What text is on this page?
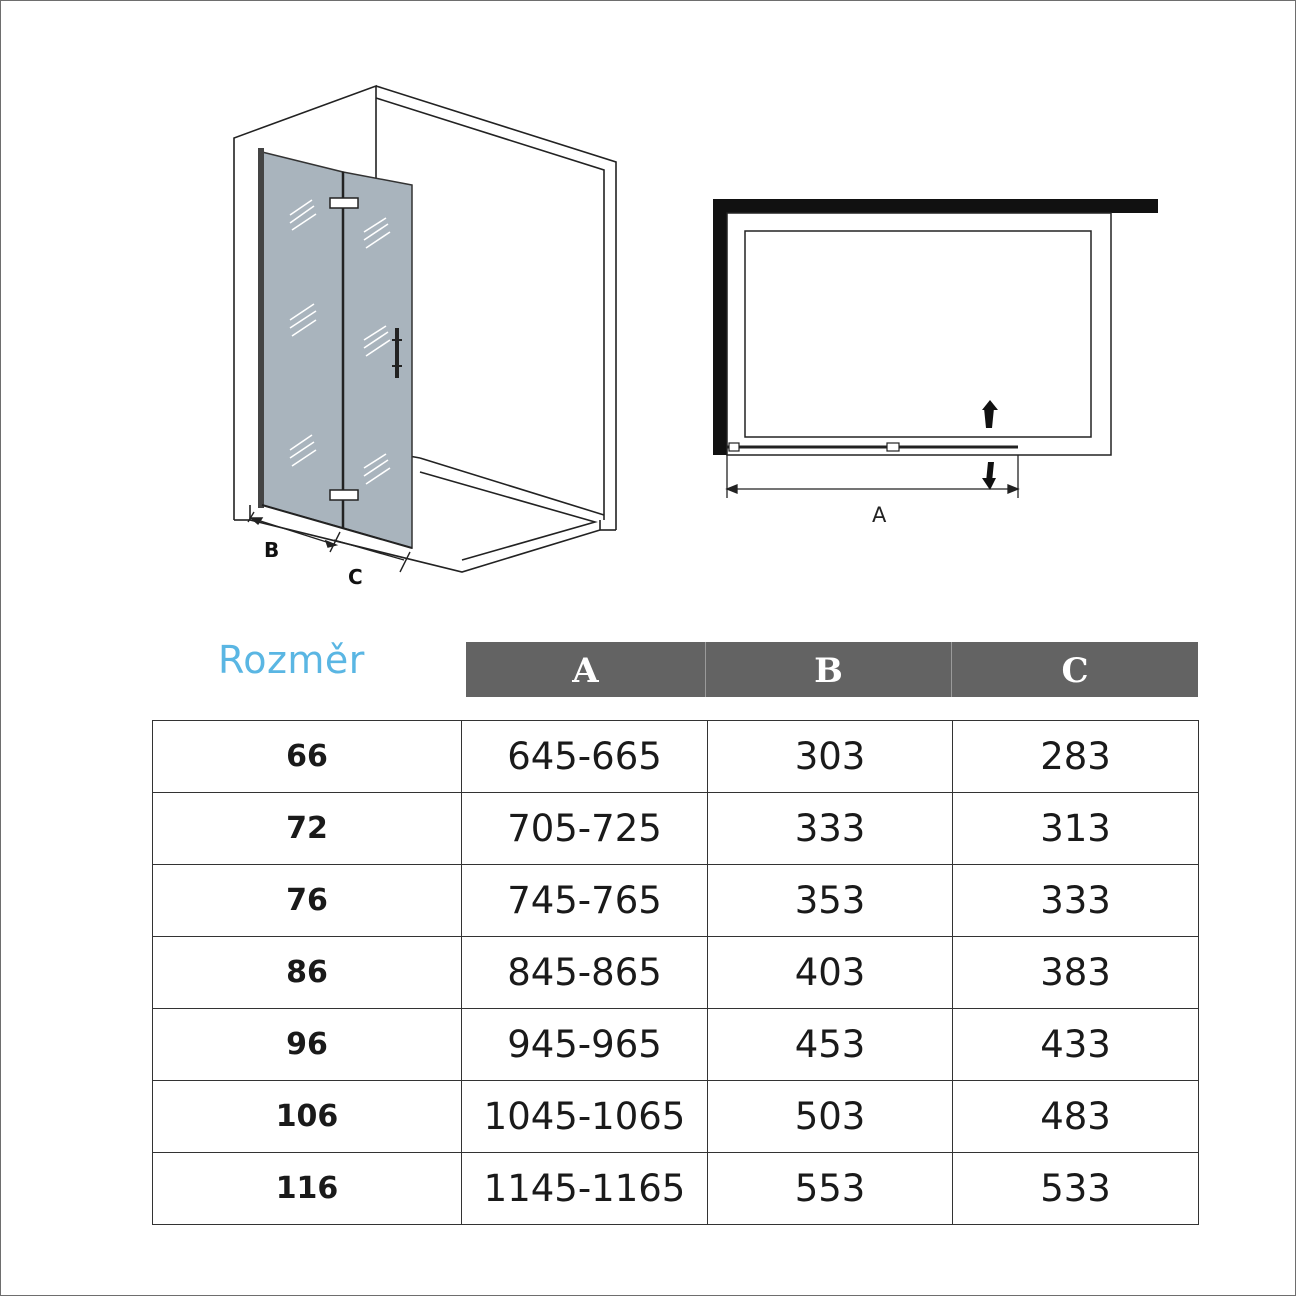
B
C
A
Rozměr	A	B	C
66	645-665	303	283
72	705-725	333	313
76	745-765	353	333
86	845-865	403	383
96	945-965	453	433
106	1045-1065	503	483
116	1145-1165	553	533
